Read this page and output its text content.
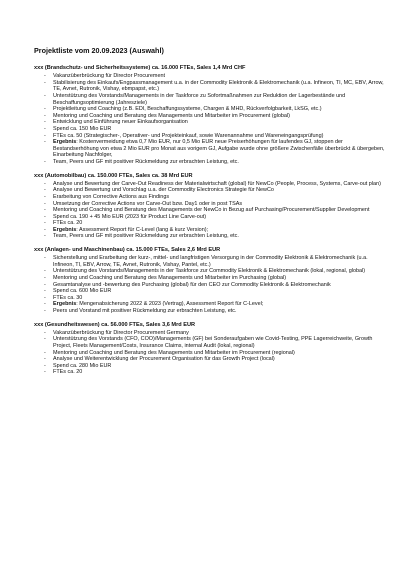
Projektliste vom 20.09.2023 (Auswahl)
xxx (Brandschutz- und Sicherheitssysteme) ca. 16.000 FTEs, Sales 1,4 Mrd CHF
- Vakanzüberbrückung für Director Procurement
- Stabilisierung des Einkaufs/Engpassmanagement u.a. in der Commodity Elektronik & Elektromechanik (u.a. Infineon, TI, MC, EBV, Arrow, TE, Avnet, Rutronik, Vishay, ebmpapst, etc.)
- Unterstützung des Vorstands/Managements in der Taskforce zu Sofortmaßnahmen zur Reduktion der Lagerbestände und Beschaffungsoptimierung (Jahresziele)
- Projektleitung und Coaching (z.B. EDI, Beschaffungssysteme, Chargen & MHD, Rückverfolgbarkeit, LkSG, etc.)
- Mentoring und Coaching und Beratung des Managements und Mitarbeiter im Procurement (global)
- Entwicklung und Einführung neuer Einkaufsorganisation
- Spend ca. 150 Mio EUR
- FTEs ca. 50 (Strategischer-, Operativer- und Projekteinkauf, sowie Warenannahme und Wareneingangsprüfung)
- Ergebnis: Kostenvermeidung etwa 0,7 Mio EUR, nur 0,5 Mio EUR neue Preiserhöhungen für laufendes GJ, stoppen der Bestandserhöhung von etwa 2 Mio EUR pro Monat aus vorigem GJ, Aufgabe wurde ohne größere Zwischenfälle überbrückt & übergeben, Einarbeitung Nachfolger,
- Team, Peers und GF mit positiver Rückmeldung zur erbrachten Leistung, etc.
xxx (Automobilbau) ca. 150.000 FTEs, Sales ca. 38 Mrd EUR
- Analyse und Bewertung der Carve-Out Readiness der Materialwirtschaft (global) für NewCo (People, Process, Systems, Carve-out plan)
- Analyse und Bewertung und Vorschlag u.a. der Commodity Electronics Strategie für NewCo
- Erarbeitung von Corrective Actions aus Findings
- Umsetzung der Corrective Actions vor Carve-Out bzw. Day1 oder in post TSAs
- Mentoring und Coaching und Beratung des Managements der NewCo in Bezug auf Purchasing/Procurement/Supplier Development
- Spend ca. 190 + 45 Mio EUR (2023 für Product Line Carve-out)
- FTEs ca. 20
- Ergebnis: Assessment Report für C-Level (lang & kurz Version);
- Team, Peers und GF mit positiver Rückmeldung zur erbrachten Leistung, etc.
xxx (Anlagen- und Maschinenbau) ca. 15.000 FTEs, Sales 2,6 Mrd EUR
- Sicherstellung und Erarbeitung der kurz-, mittel- und langfristigen Versorgung in der Commodity Elektronik & Elektromechanik (u.a. Infineon, TI, EBV, Arrow, TE, Avnet, Rutronik, Vishay, Pantel, etc.)
- Unterstützung des Vorstands/Managements in der Taskforce zur Commodity Elektronik & Elektromechanik (lokal, regional, global)
- Mentoring und Coaching und Beratung des Managements und Mitarbeiter im Purchasing (global)
- Gesamtanalyse und -bewertung des Purchasing (global) für den CEO zur Commodity Elektronik & Elektromechanik
- Spend ca. 600 Mio EUR
- FTEs ca. 30
- Ergebnis: Mengenabsicherung 2022 & 2023 (Vertrag), Assessment Report für C-Level;
- Peers und Vorstand mit positiver Rückmeldung zur erbrachten Leistung, etc.
xxx (Gesundheitswesen) ca. 56.000 FTEs, Sales 3,6 Mrd EUR
- Vakanzüberbrückung für Director Procurement Germany
- Unterstützung des Vorstands (CFO, COO)/Managements (GF) bei Sonderaufgaben wie Covid-Testing, PPE Lagerreichweite, Growth Project, Fleets Management/Costs, Insurance Claims, internal Audit (lokal, regional)
- Mentoring und Coaching und Beratung des Managements und Mitarbeiter im Procurement (regional)
- Analyse und Weiterentwicklung der Procurement Organisation für das Growth Project (local)
- Spend ca. 280 Mio EUR
- FTEs ca. 20
